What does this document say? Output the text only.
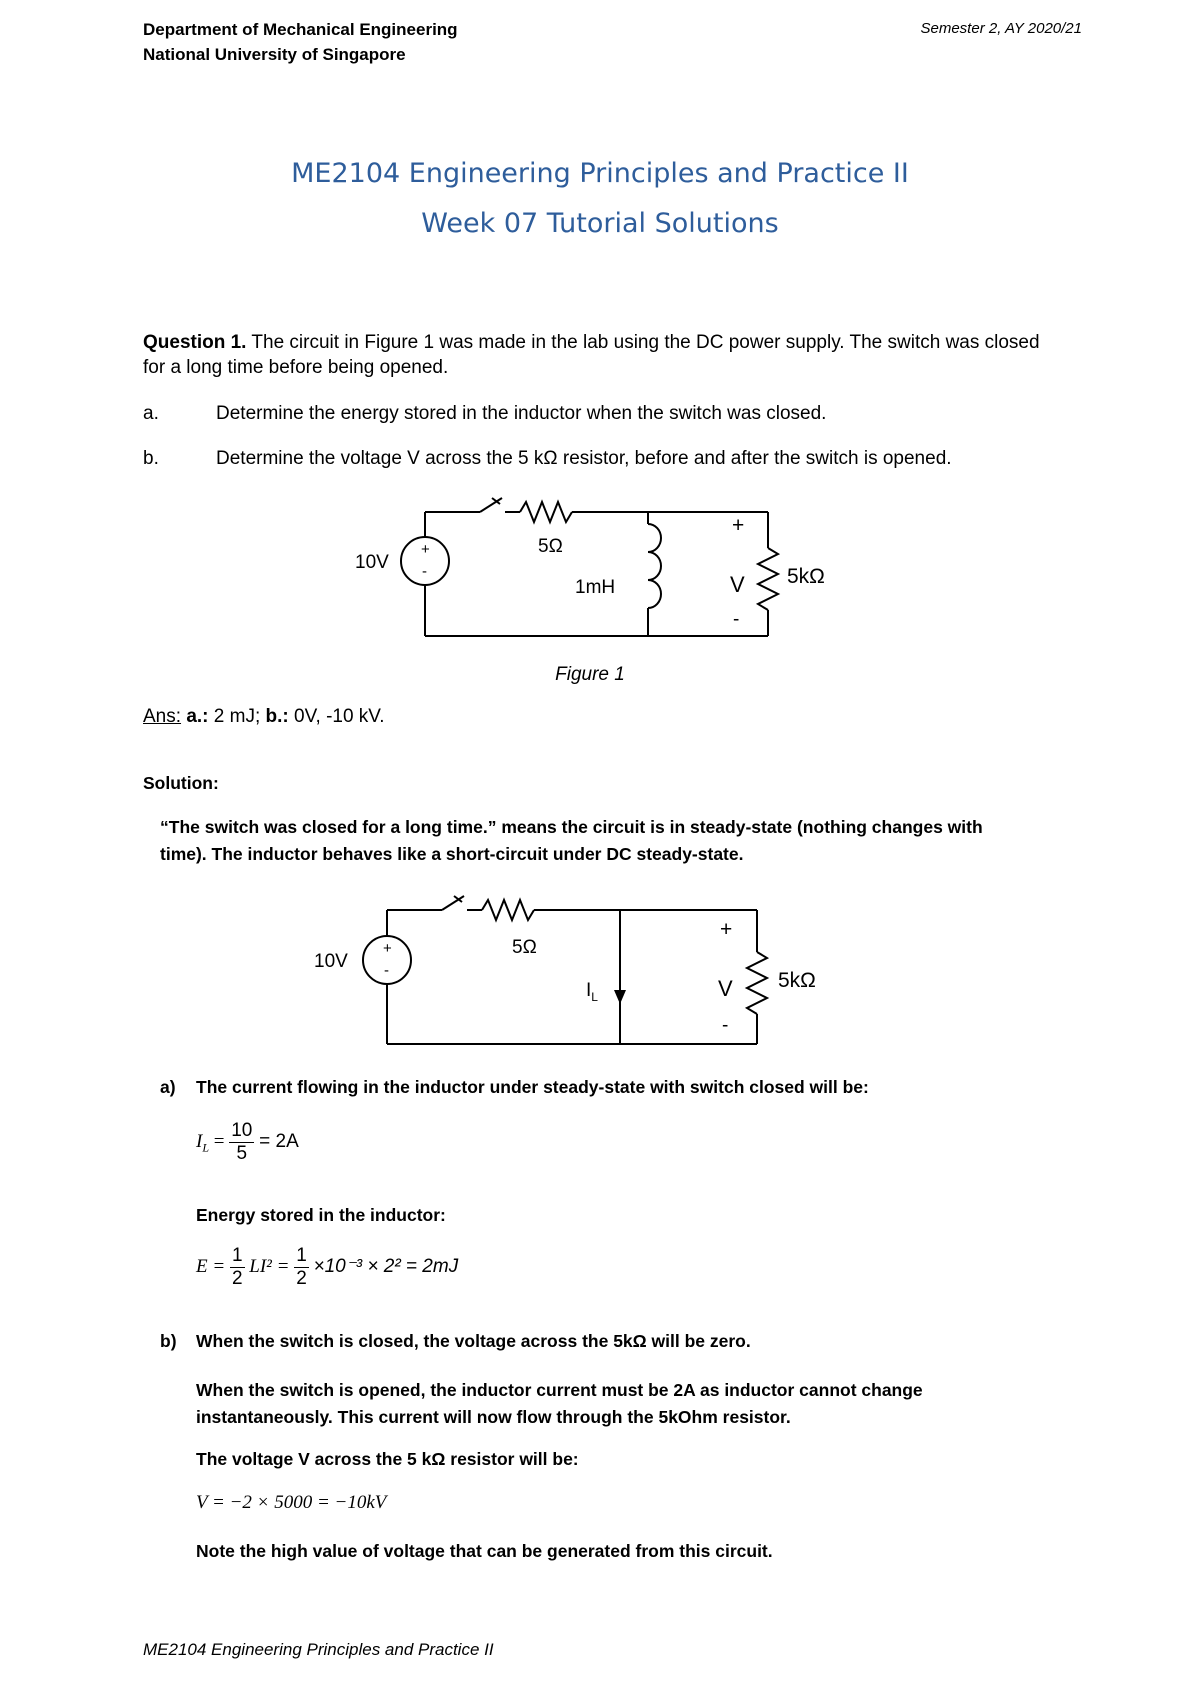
Department of Mechanical Engineering
National University of Singapore
Semester 2, AY 2020/21
ME2104 Engineering Principles and Practice II
Week 07 Tutorial Solutions
Question 1. The circuit in Figure 1 was made in the lab using the DC power supply. The switch was closed for a long time before being opened.
a.	Determine the energy stored in the inductor when the switch was closed.
b.	Determine the voltage V across the 5 kΩ resistor, before and after the switch is opened.
+
-
10V
5Ω
1mH
+
V
-
5kΩ
Figure 1
Ans: a.: 2 mJ; b.: 0V, -10 kV.
Solution:
“The switch was closed for a long time.” means the circuit is in steady-state (nothing changes with time). The inductor behaves like a short-circuit under DC steady-state.
+
-
10V
5Ω
$I_L$
+
V
-
5kΩ
a) The current flowing in the inductor under steady-state with switch closed will be:
$I_L = \frac{10}{5} = 2A$
Energy stored in the inductor:
$E = \frac{1}{2} LI^2 = \frac{1}{2} \times 10^{-3} \times 2^2 = 2mJ$
b) When the switch is closed, the voltage across the 5kΩ will be zero.
When the switch is opened, the inductor current must be 2A as inductor cannot change instantaneously. This current will now flow through the 5kOhm resistor.
The voltage V across the 5 kΩ resistor will be:
V = −2 × 5000 = −10kV
Note the high value of voltage that can be generated from this circuit.
ME2104 Engineering Principles and Practice II
